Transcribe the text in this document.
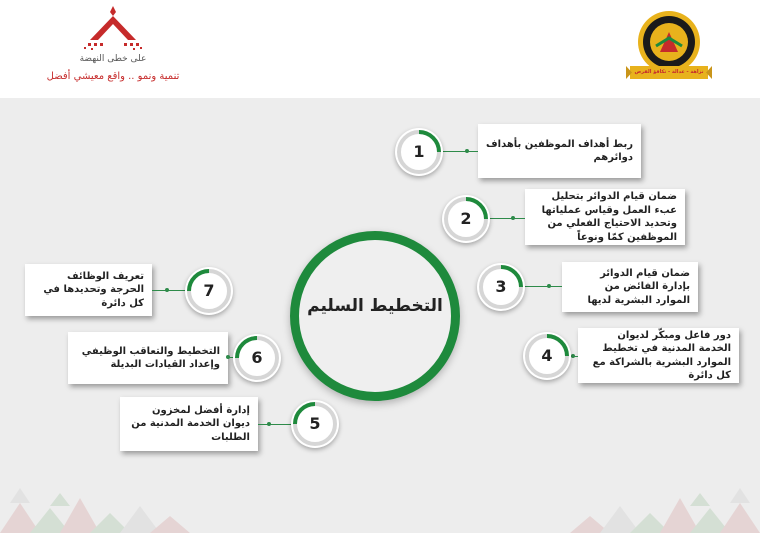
على خطى النهضة
تنمية ونمو .. واقع معيشي أفضل	نزاهة - عدالة - تكافؤ الفرص
التخطيط السليم
ربط أهداف الموظفين بأهداف دوائرهم
1
ضمان قيام الدوائر بتحليل عبء العمل وقياس عملياتها وتحديد الاحتياج الفعلي من الموظفين كمّا ونوعاً
2
ضمان قيام الدوائر بإدارة الفائض من الموارد البشرية لديها
3
دور فاعل ومبكّر لديوان الخدمة المدنية في تخطيط الموارد البشرية بالشراكة مع كل دائرة
4
إدارة أفضل لمخزون ديوان الخدمة المدنية من الطلبات
5
التخطيط والتعاقب الوظيفي وإعداد القيادات البديلة	6
تعريف الوظائف الحرجة وتحديدها في كل دائرة
7
